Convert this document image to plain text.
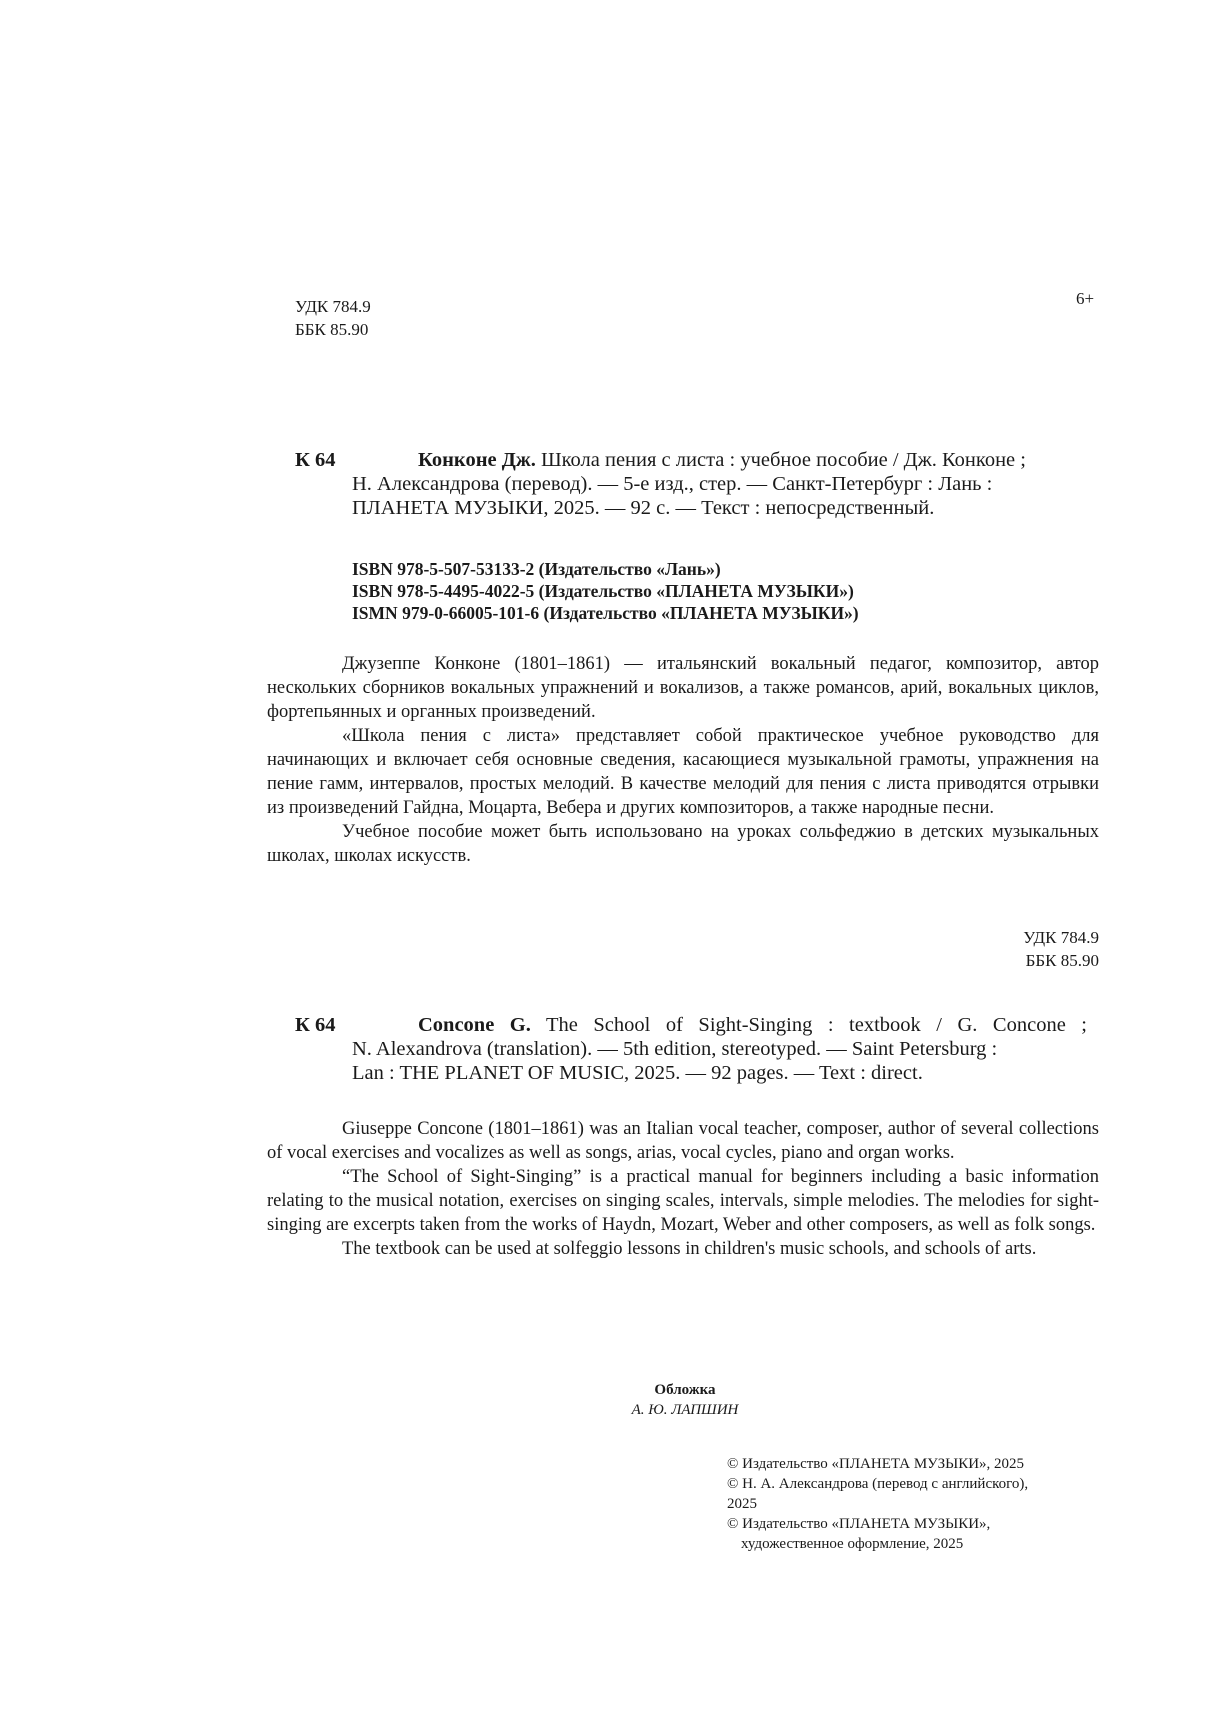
УДК 784.9
ББК 85.90
6+
К 64	Конконе Дж. Школа пения с листа : учебное пособие / Дж. Конконе ;
Н. Александрова (перевод). — 5-е изд., стер. — Санкт-Петербург : Лань :
ПЛАНЕТА МУЗЫКИ, 2025. — 92 с. — Текст : непосредственный.
ISBN 978-5-507-53133-2 (Издательство «Лань»)
ISBN 978-5-4495-4022-5 (Издательство «ПЛАНЕТА МУЗЫКИ»)
ISMN 979-0-66005-101-6 (Издательство «ПЛАНЕТА МУЗЫКИ»)

Джузеппе Конконе (1801–1861) — итальянский вокальный педагог, композитор, автор нескольких сборников вокальных упражнений и вокализов, а также романсов, арий, вокальных циклов, фортепьянных и органных произведений.

«Школа пения с листа» представляет собой практическое учебное руководство для начинающих и включает себя основные сведения, касающиеся музыкальной грамоты, упражнения на пение гамм, интервалов, простых мелодий. В качестве мелодий для пения с листа приводятся отрывки из произведений Гайдна, Моцарта, Вебера и других композиторов, а также народные песни.

Учебное пособие может быть использовано на уроках сольфеджио в детских музыкальных школах, школах искусств.

УДК 784.9
ББК 85.90
К 64	Concone G. The School of Sight-Singing : textbook / G. Concone ;
N. Alexandrova (translation). — 5th edition, stereotyped. — Saint Petersburg :
Lan : THE PLANET OF MUSIC, 2025. — 92 pages. — Text : direct.

Giuseppe Concone (1801–1861) was an Italian vocal teacher, composer, author of several collections of vocal exercises and vocalizes as well as songs, arias, vocal cycles, piano and organ works.

“The School of Sight-Singing” is a practical manual for beginners including a basic information relating to the musical notation, exercises on singing scales, intervals, simple melodies. The melodies for sight-singing are excerpts taken from the works of Haydn, Mozart, Weber and other composers, as well as folk songs.

The textbook can be used at solfeggio lessons in children's music schools, and schools of arts.

Обложка
А. Ю. ЛАПШИН
© Издательство «ПЛАНЕТА МУЗЫКИ», 2025
© Н. А. Александрова (перевод с английского),
2025
© Издательство «ПЛАНЕТА МУЗЫКИ»,
художественное оформление, 2025
